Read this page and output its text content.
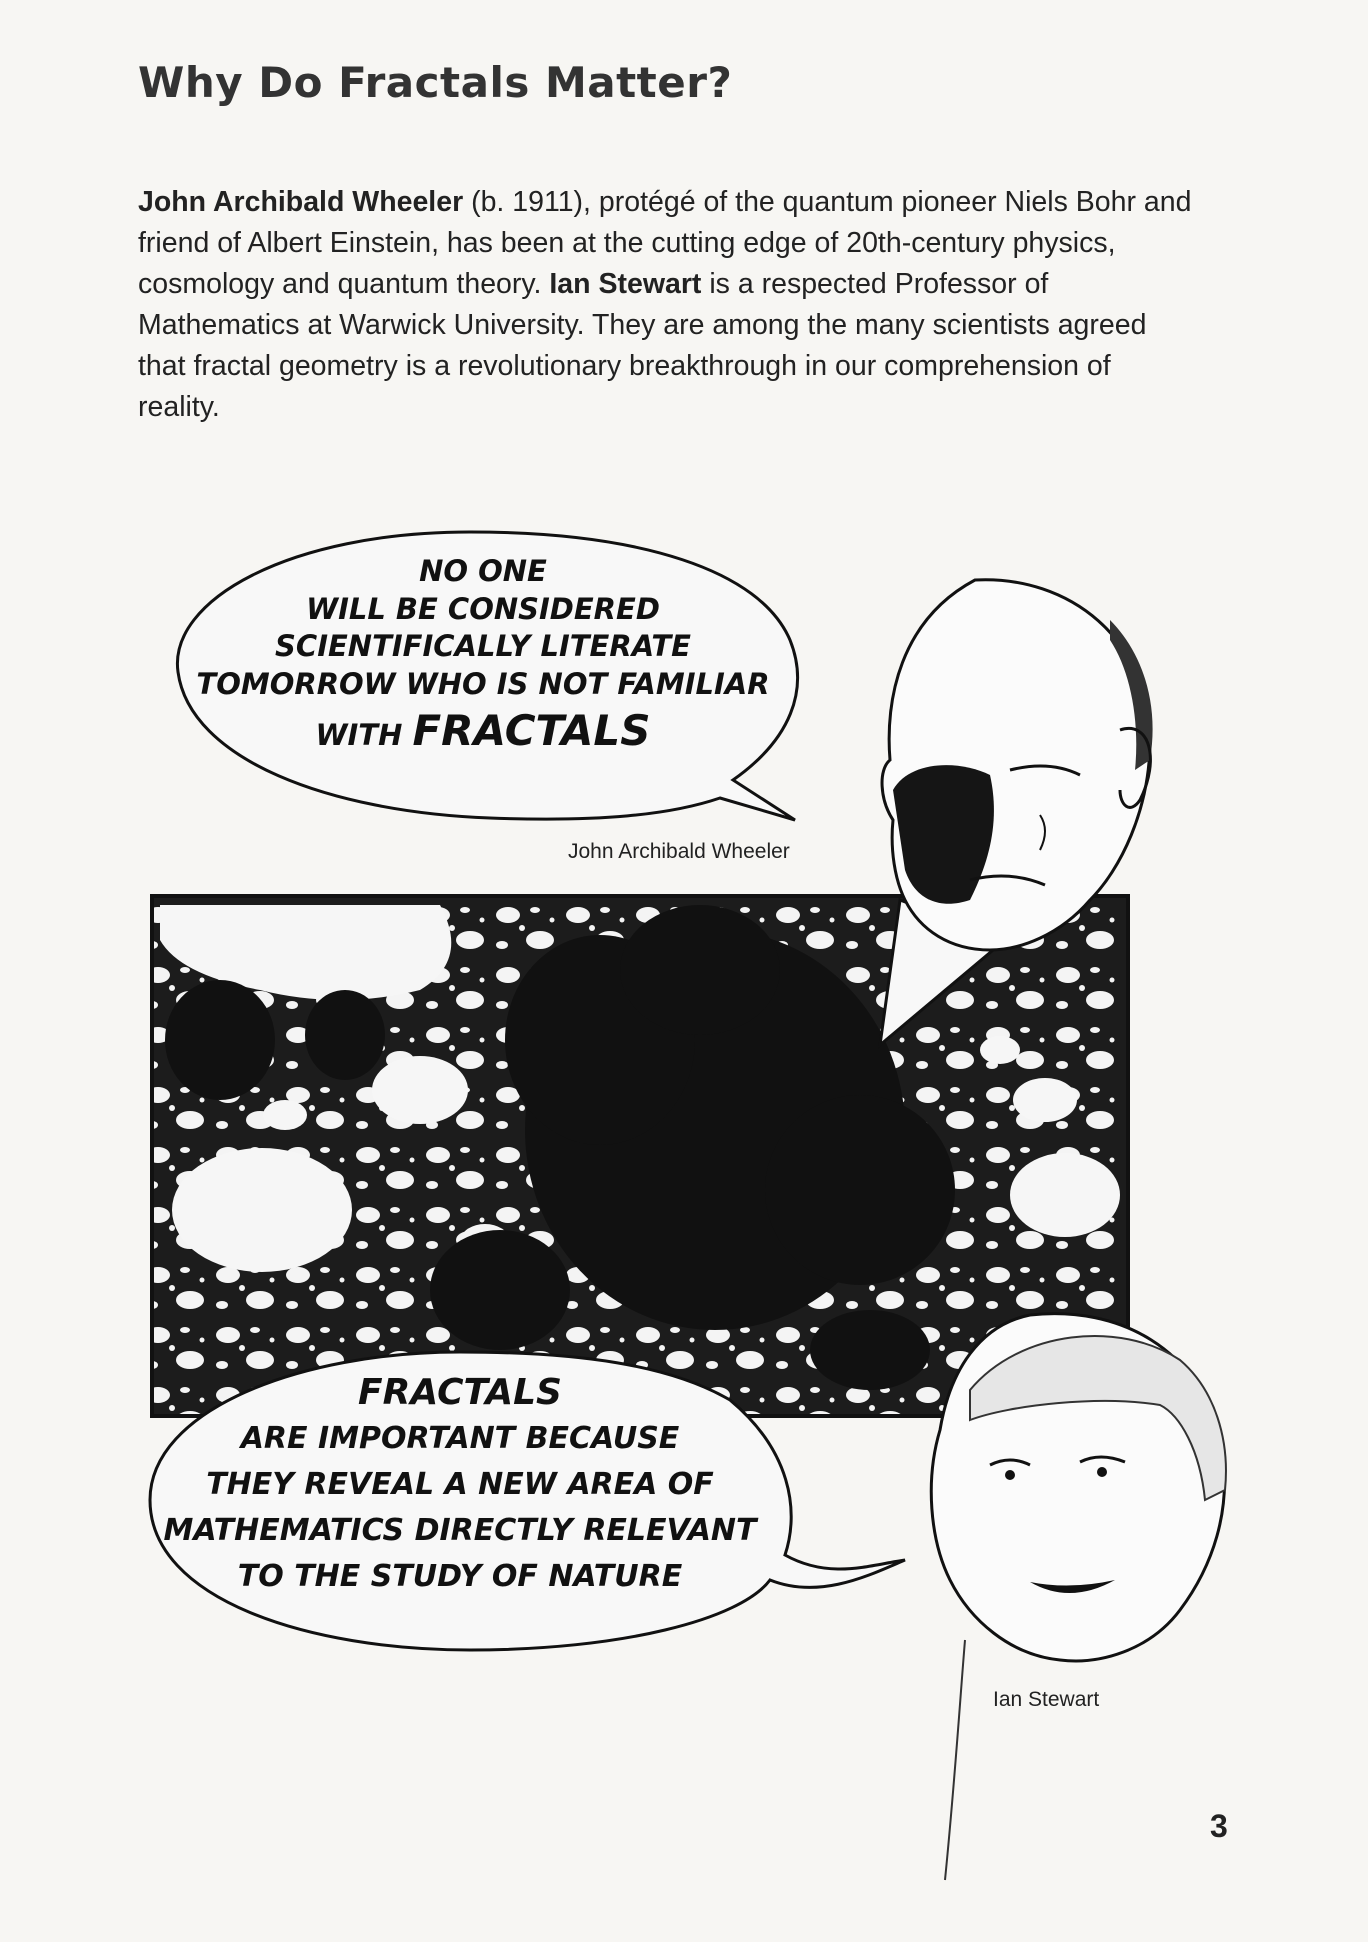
Why Do Fractals Matter?
John Archibald Wheeler (b. 1911), protégé of the quantum pioneer Niels Bohr and friend of Albert Einstein, has been at the cutting edge of 20th-century physics, cosmology and quantum theory. Ian Stewart is a respected Professor of Mathematics at Warwick University. They are among the many scientists agreed that fractal geometry is a revolutionary breakthrough in our comprehension of reality.
NO ONE
WILL BE CONSIDERED
SCIENTIFICALLY LITERATE
TOMORROW WHO IS NOT FAMILIAR
WITH FRACTALS
FRACTALS
ARE IMPORTANT BECAUSE
THEY REVEAL A NEW AREA OF
MATHEMATICS DIRECTLY RELEVANT
TO THE STUDY OF NATURE
John Archibald Wheeler
Ian Stewart
3
